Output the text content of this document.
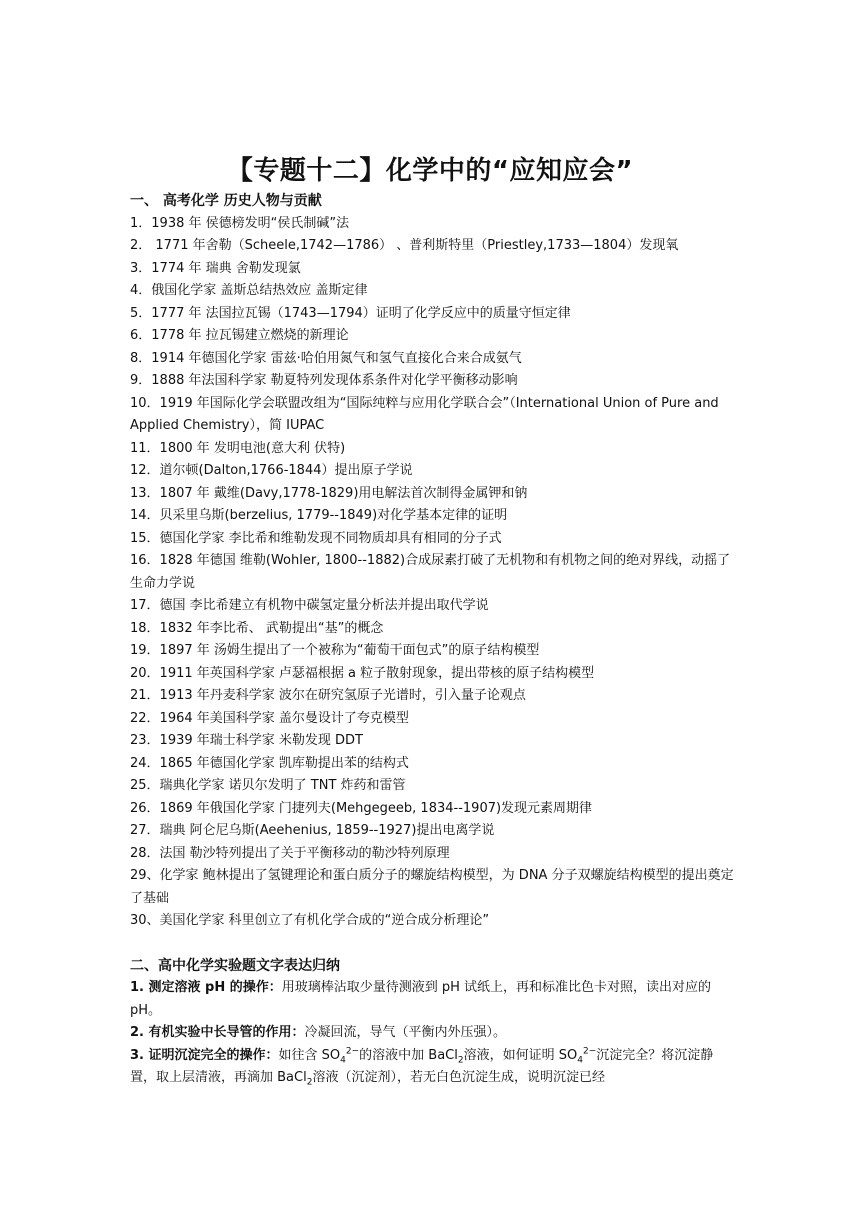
【专题十二】化学中的“应知应会”

一、 高考化学 历史人物与贡献

1．1938 年 侯德榜发明“侯氏制碱”法

2． 1771 年舍勒（Scheele,1742—1786） 、普利斯特里（Priestley,1733—1804）发现氧

3．1774 年 瑞典 舍勒发现氯

4．俄国化学家 盖斯总结热效应 盖斯定律

5．1777 年 法国拉瓦锡（1743—1794）证明了化学反应中的质量守恒定律

6．1778 年 拉瓦锡建立燃烧的新理论

8．1914 年德国化学家 雷兹·哈伯用氮气和氢气直接化合来合成氨气

9．1888 年法国科学家 勒夏特列发现体系条件对化学平衡移动影响

10．1919 年国际化学会联盟改组为“国际纯粹与应用化学联合会”（International Union of Pure and Applied Chemistry），简 IUPAC

11．1800 年 发明电池(意大利 伏特)

12．道尔顿(Dalton,1766-1844）提出原子学说

13．1807 年 戴维(Davy,1778-1829)用电解法首次制得金属钾和钠

14．贝采里乌斯(berzelius, 1779--1849)对化学基本定律的证明

15．德国化学家 李比希和维勒发现不同物质却具有相同的分子式

16．1828 年德国 维勒(Wohler, 1800--1882)合成尿素打破了无机物和有机物之间的绝对界线，动摇了生命力学说

17．德国 李比希建立有机物中碳氢定量分析法并提出取代学说

18．1832 年李比希、 武勒提出“基”的概念

19．1897 年 汤姆生提出了一个被称为“葡萄干面包式”的原子结构模型

20．1911 年英国科学家 卢瑟福根据 a 粒子散射现象，提出带核的原子结构模型

21．1913 年丹麦科学家 波尔在研究氢原子光谱时，引入量子论观点

22．1964 年美国科学家 盖尔曼设计了夸克模型

23．1939 年瑞士科学家 米勒发现 DDT

24．1865 年德国化学家 凯库勒提出苯的结构式

25．瑞典化学家 诺贝尔发明了 TNT 炸药和雷管

26．1869 年俄国化学家 门捷列夫(Mehgegeeb, 1834--1907)发现元素周期律

27．瑞典 阿仑尼乌斯(Aeehenius, 1859--1927)提出电离学说

28．法国 勒沙特列提出了关于平衡移动的勒沙特列原理

29、化学家 鲍林提出了氢键理论和蛋白质分子的螺旋结构模型，为 DNA 分子双螺旋结构模型的提出奠定了基础

30、美国化学家 科里创立了有机化学合成的“逆合成分析理论”

二、高中化学实验题文字表达归纳

1. 测定溶液 pH 的操作：用玻璃棒沾取少量待测液到 pH 试纸上，再和标准比色卡对照，读出对应的 pH。

2. 有机实验中长导管的作用：冷凝回流，导气（平衡内外压强）。

3. 证明沉淀完全的操作：如往含 $SO_4^{2-}$的溶液中加 BaCl$_2$溶液，如何证明 $SO_4^{2-}$沉淀完全？将沉淀静置，取上层清液，再滴加 BaCl$_2$溶液（沉淀剂），若无白色沉淀生成，说明沉淀已经
